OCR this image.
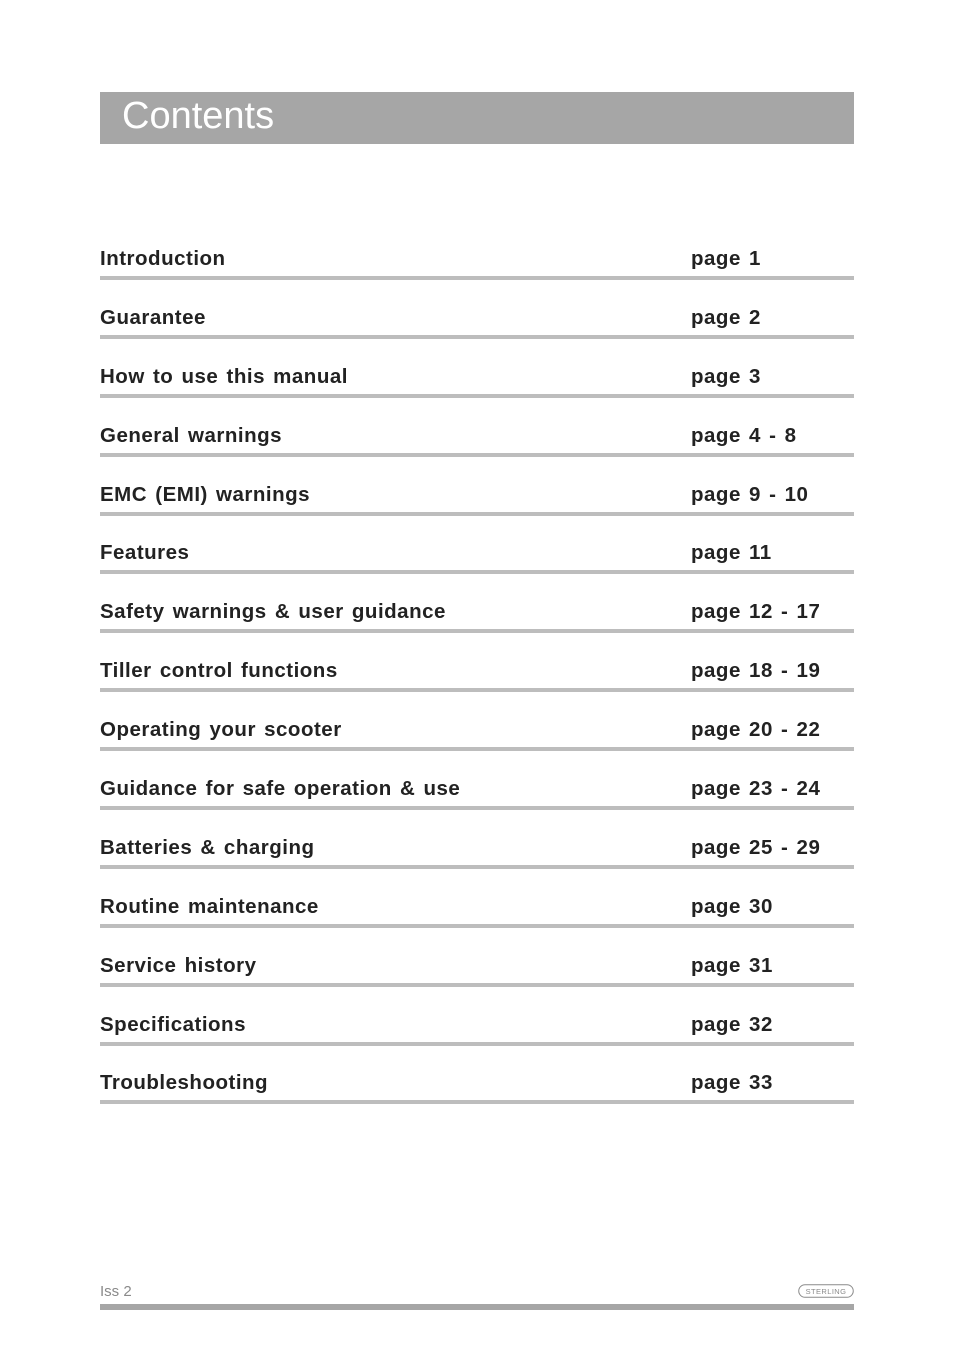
Contents
Introduction	page 1
Guarantee	page 2
How to use this manual	page 3
General warnings	page 4 - 8
EMC (EMI) warnings	page 9 - 10
Features	page 11
Safety warnings & user guidance	page 12 - 17
Tiller control functions	page 18 - 19
Operating your scooter	page 20 - 22
Guidance for safe operation & use	page 23 - 24
Batteries & charging	page 25 - 29
Routine maintenance	page 30
Service history	page 31
Specifications	page 32
Troubleshooting	page 33
Iss 2	STERLING
